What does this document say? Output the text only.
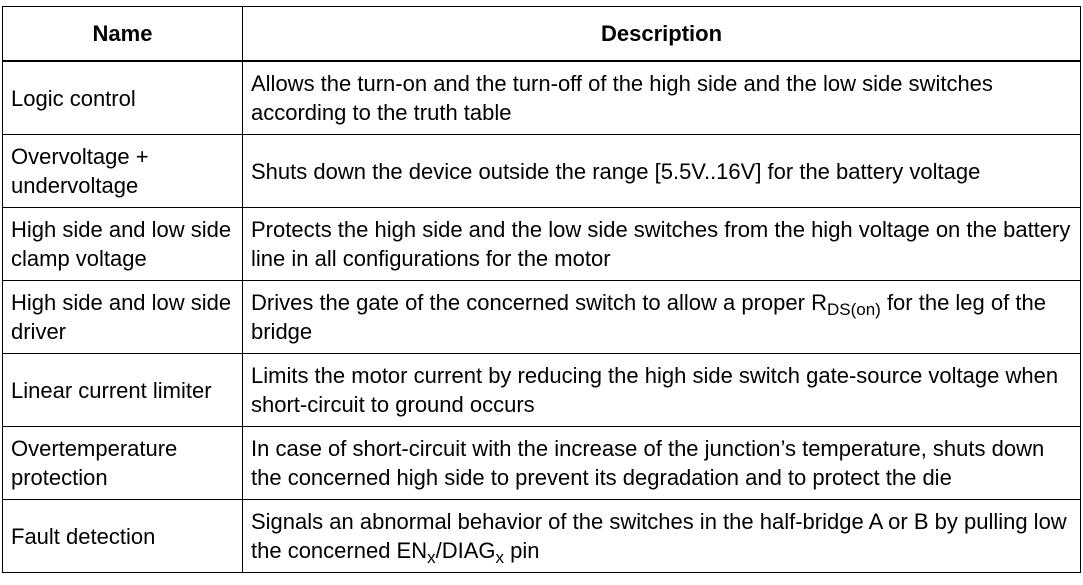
Name	Description
Logic control	Allows the turn-on and the turn-off of the high side and the low side switches according to the truth table
Overvoltage + undervoltage	Shuts down the device outside the range [5.5V..16V] for the battery voltage
High side and low side clamp voltage	Protects the high side and the low side switches from the high voltage on the battery line in all configurations for the motor
High side and low side driver	Drives the gate of the concerned switch to allow a proper $R_{DS(on)}$ for the leg of the bridge
Linear current limiter	Limits the motor current by reducing the high side switch gate-source voltage when short-circuit to ground occurs
Overtemperature protection	In case of short-circuit with the increase of the junction’s temperature, shuts down the concerned high side to prevent its degradation and to protect the die
Fault detection	Signals an abnormal behavior of the switches in the half-bridge A or B by pulling low the concerned $EN_x/DIAG_x$ pin
